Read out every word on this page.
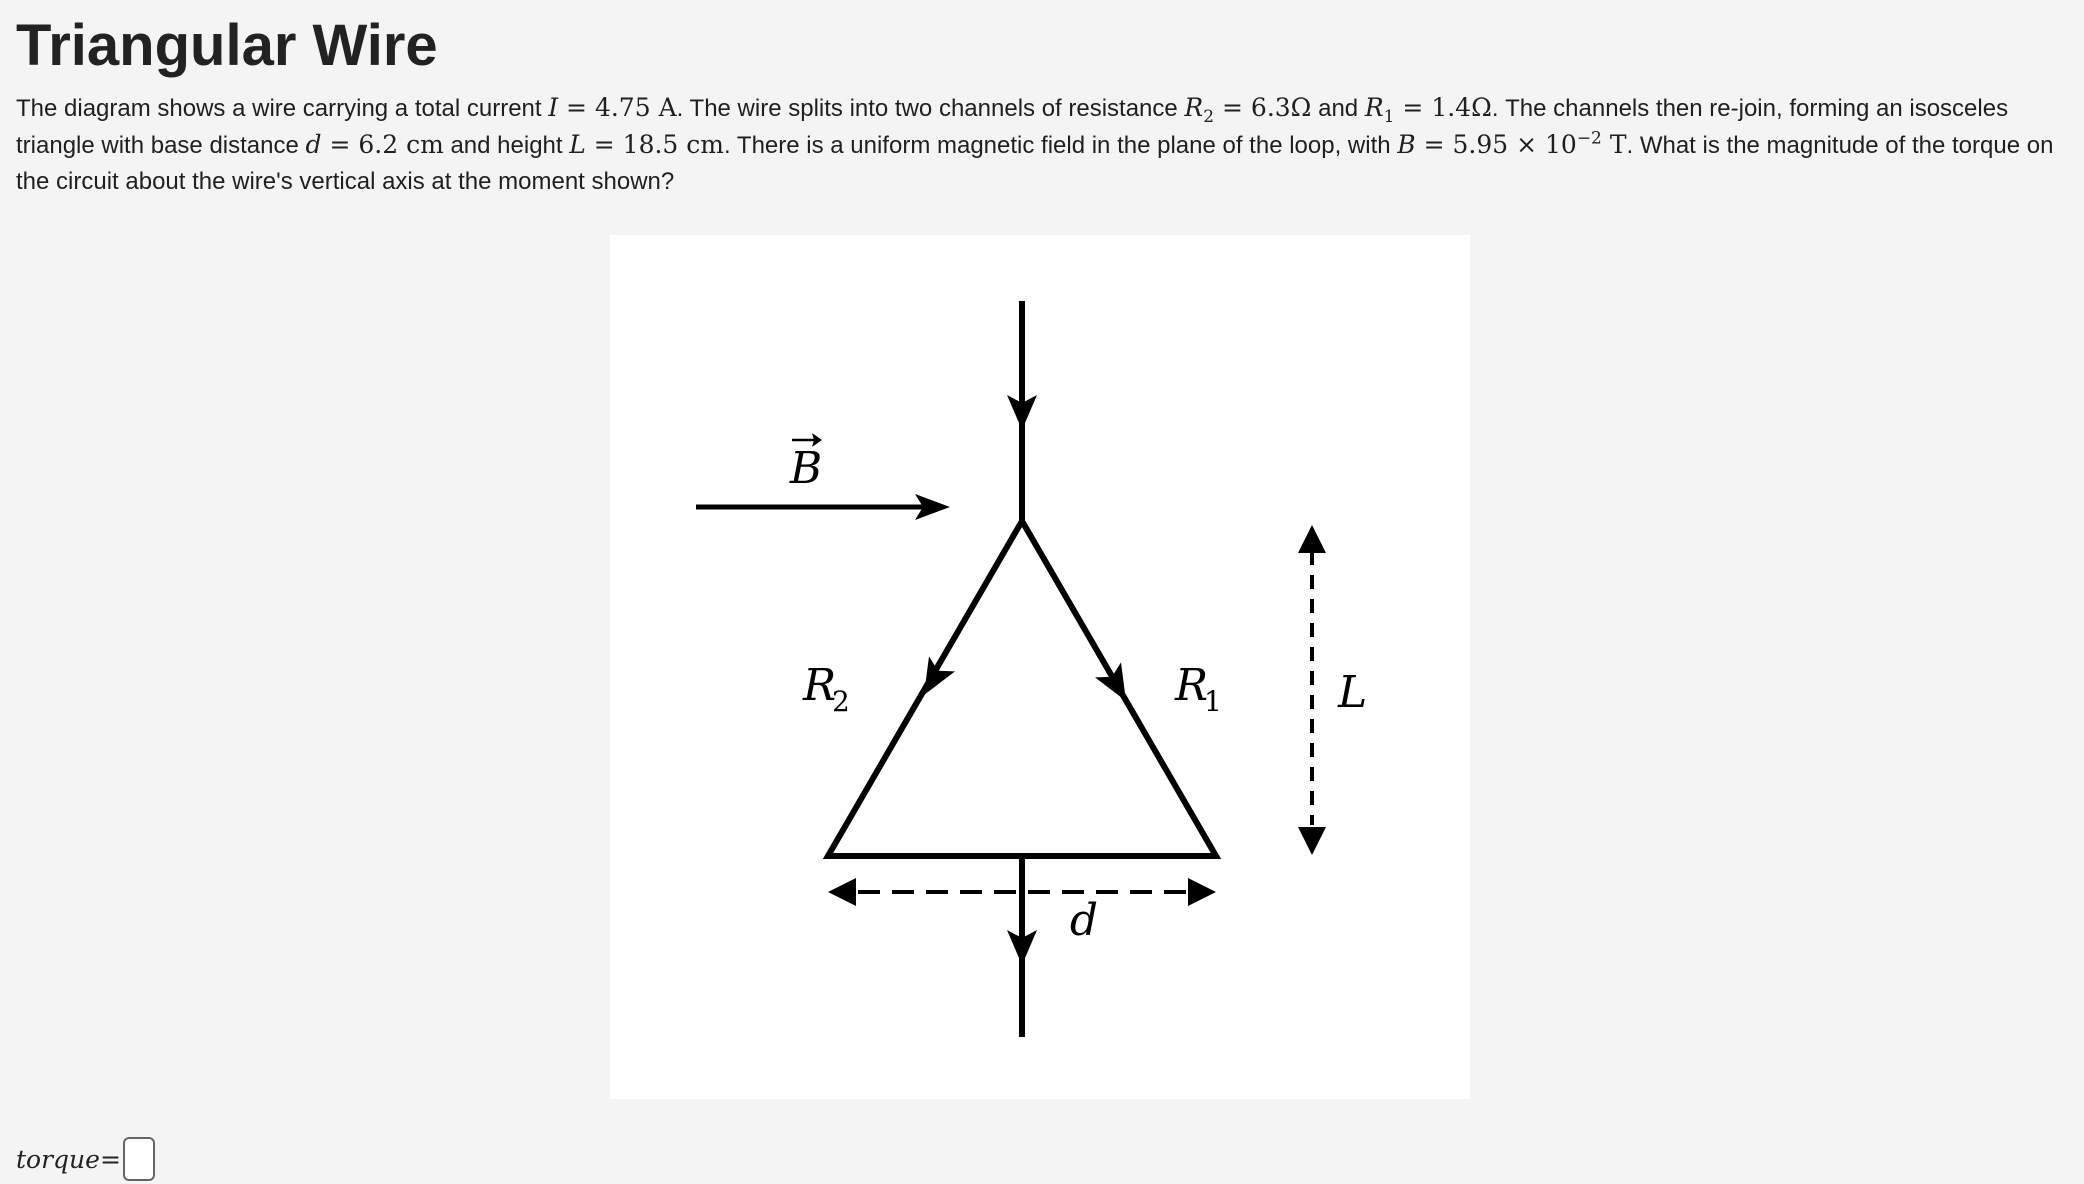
Triangular Wire
The diagram shows a wire carrying a total current I = 4.75 A. The wire splits into two channels of resistance $R_2 = 6.3\Omega$ and $R_1 = 1.4\Omega$. The channels then re-join, forming an isosceles triangle with base distance d = 6.2 cm and height L = 18.5 cm. There is a uniform magnetic field in the plane of the loop, with $B = 5.95 \times 10^{-2}$ T. What is the magnitude of the torque on the circuit about the wire's vertical axis at the moment shown?
B
R
2	R
1	L
d
torque=
